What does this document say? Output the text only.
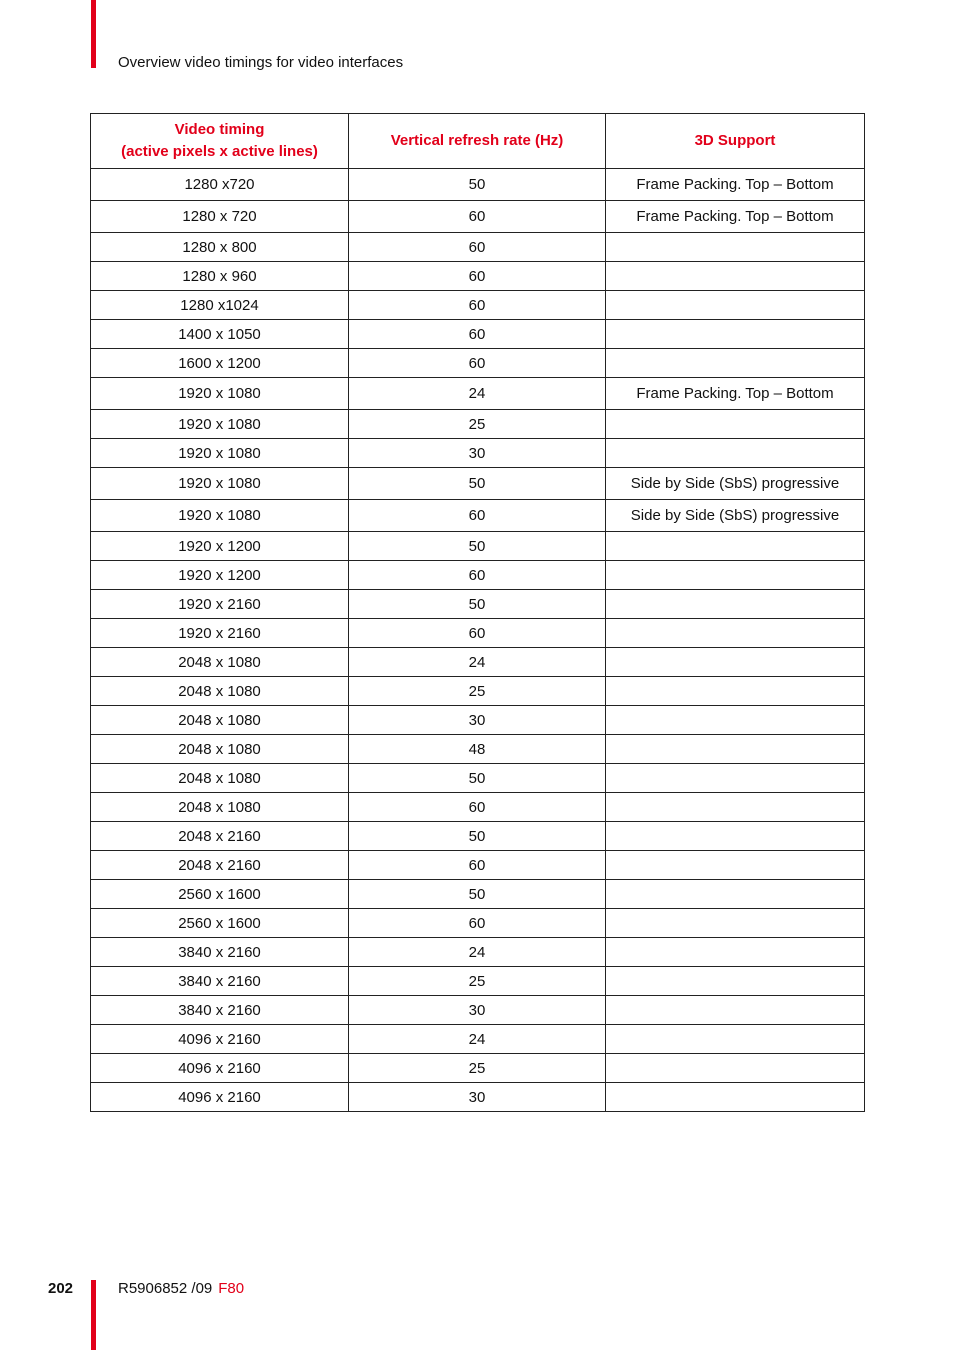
Overview video timings for video interfaces
Video timing
(active pixels x active lines)	Vertical refresh rate (Hz)	3D Support
1280 x720	50	Frame Packing. Top – Bottom
1280 x 720	60	Frame Packing. Top – Bottom
1280 x 800	60	
1280 x 960	60	
1280 x1024	60	
1400 x 1050	60	
1600 x 1200	60	
1920 x 1080	24	Frame Packing. Top – Bottom
1920 x 1080	25	
1920 x 1080	30	
1920 x 1080	50	Side by Side (SbS) progressive
1920 x 1080	60	Side by Side (SbS) progressive
1920 x 1200	50	
1920 x 1200	60	
1920 x 2160	50	
1920 x 2160	60	
2048 x 1080	24	
2048 x 1080	25	
2048 x 1080	30	
2048 x 1080	48	
2048 x 1080	50	
2048 x 1080	60	
2048 x 2160	50	
2048 x 2160	60	
2560 x 1600	50	
2560 x 1600	60	
3840 x 2160	24	
3840 x 2160	25	
3840 x 2160	30	
4096 x 2160	24	
4096 x 2160	25	
4096 x 2160	30	
202	R5906852 /09 F80
